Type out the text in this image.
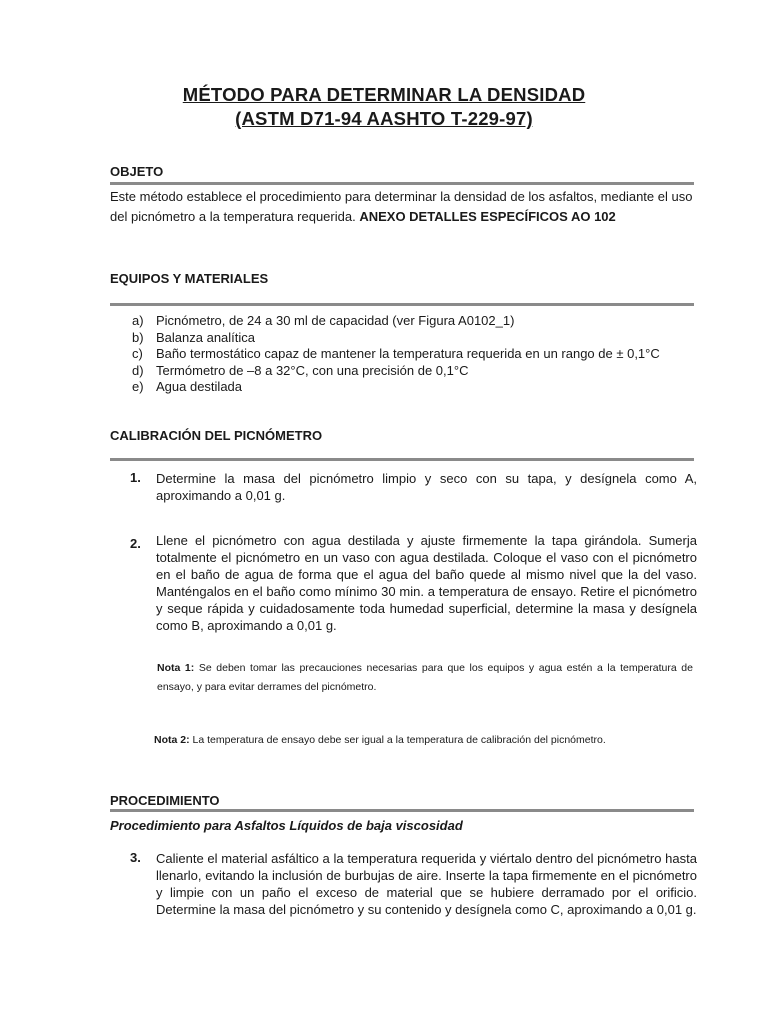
MÉTODO PARA DETERMINAR LA DENSIDAD
(ASTM D71-94 AASHTO T-229-97)
OBJETO
Este método establece el procedimiento para determinar la densidad de los asfaltos, mediante el uso del picnómetro a la temperatura requerida. ANEXO DETALLES ESPECÍFICOS AO 102
EQUIPOS Y MATERIALES
a) Picnómetro, de 24 a 30 ml de capacidad (ver Figura A0102_1)
b) Balanza analítica
c) Baño termostático capaz de mantener la temperatura requerida en un rango de ± 0,1°C
d) Termómetro de –8 a 32°C, con una precisión de 0,1°C
e) Agua destilada
CALIBRACIÓN DEL PICNÓMETRO
1. Determine la masa del picnómetro limpio y seco con su tapa, y desígnela como A, aproximando a 0,01 g.
2. Llene el picnómetro con agua destilada y ajuste firmemente la tapa girándola. Sumerja totalmente el picnómetro en un vaso con agua destilada. Coloque el vaso con el picnómetro en el baño de agua de forma que el agua del baño quede al mismo nivel que la del vaso. Manténgalos en el baño como mínimo 30 min. a temperatura de ensayo. Retire el picnómetro y seque rápida y cuidadosamente toda humedad superficial, determine la masa y desígnela como B, aproximando a 0,01 g.
Nota 1: Se deben tomar las precauciones necesarias para que los equipos y agua estén a la temperatura de ensayo, y para evitar derrames del picnómetro.
Nota 2: La temperatura de ensayo debe ser igual a la temperatura de calibración del picnómetro.
PROCEDIMIENTO
Procedimiento para Asfaltos Líquidos de baja viscosidad
3. Caliente el material asfáltico a la temperatura requerida y viértalo dentro del picnómetro hasta llenarlo, evitando la inclusión de burbujas de aire. Inserte la tapa firmemente en el picnómetro y limpie con un paño el exceso de material que se hubiere derramado por el orificio. Determine la masa del picnómetro y su contenido y desígnela como C, aproximando a 0,01 g.
